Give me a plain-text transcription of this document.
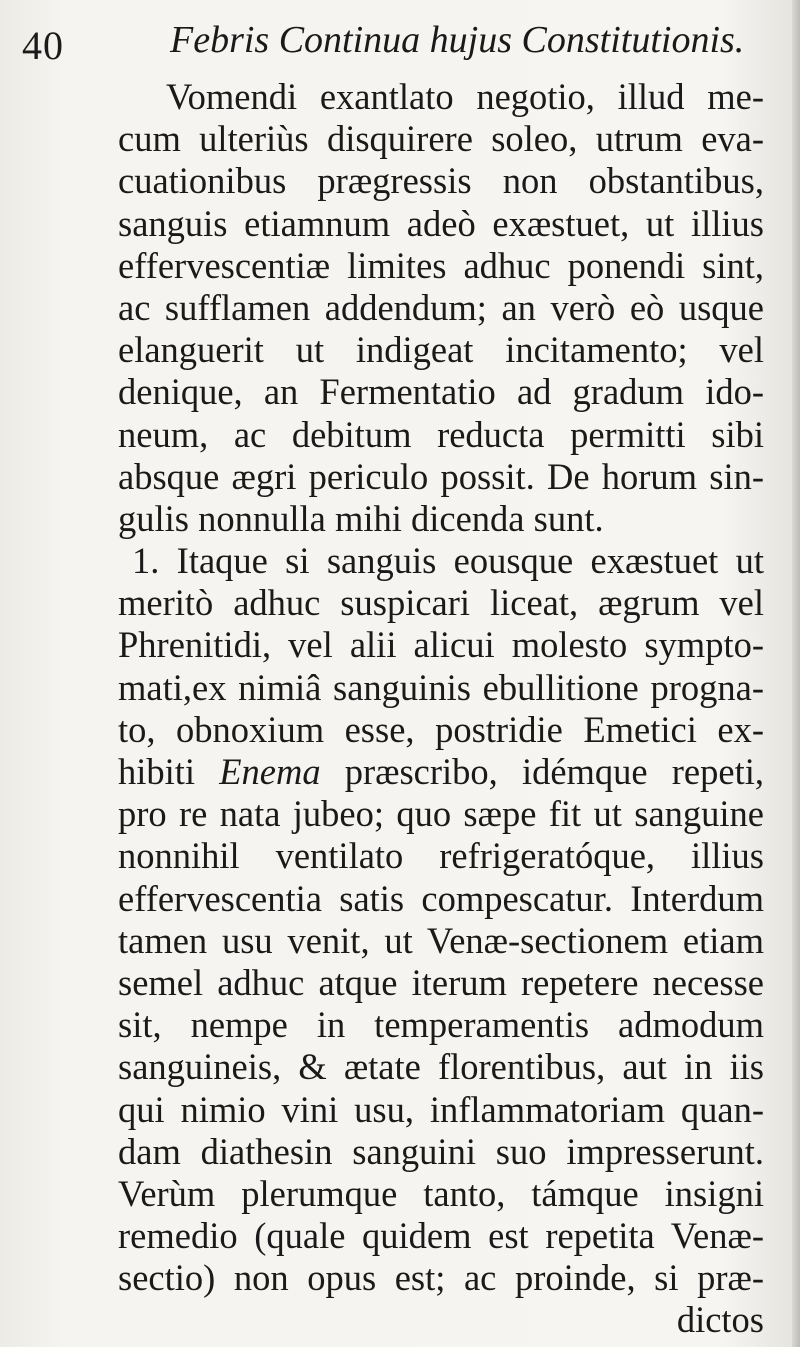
40	Febris Continua hujus Constitutionis.
Vomendi exantlato negotio, illud me-
cum ulteriùs disquirere soleo, utrum eva-
cuationibus prægressis non obstantibus,
sanguis etiamnum adeò exæstuet, ut illius
effervescentiæ limites adhuc ponendi sint,
ac sufflamen addendum; an verò eò usque
elanguerit ut indigeat incitamento; vel
denique, an Fermentatio ad gradum ido-
neum, ac debitum reducta permitti sibi
absque ægri periculo possit. De horum sin-
gulis nonnulla mihi dicenda sunt.
1. Itaque si sanguis eousque exæstuet ut
meritò adhuc suspicari liceat, ægrum vel
Phrenitidi, vel alii alicui molesto sympto-
mati,ex nimiâ sanguinis ebullitione progna-
to, obnoxium esse, postridie Emetici ex-
hibiti Enema præscribo, idémque repeti,
pro re nata jubeo; quo sæpe fit ut sanguine
nonnihil ventilato refrigeratóque, illius
effervescentia satis compescatur. Interdum
tamen usu venit, ut Venæ-sectionem etiam
semel adhuc atque iterum repetere necesse
sit, nempe in temperamentis admodum
sanguineis, & ætate florentibus, aut in iis
qui nimio vini usu, inflammatoriam quan-
dam diathesin sanguini suo impresserunt.
Verùm plerumque tanto, támque insigni
remedio (quale quidem est repetita Venæ-
sectio) non opus est; ac proinde, si præ-
dictos
